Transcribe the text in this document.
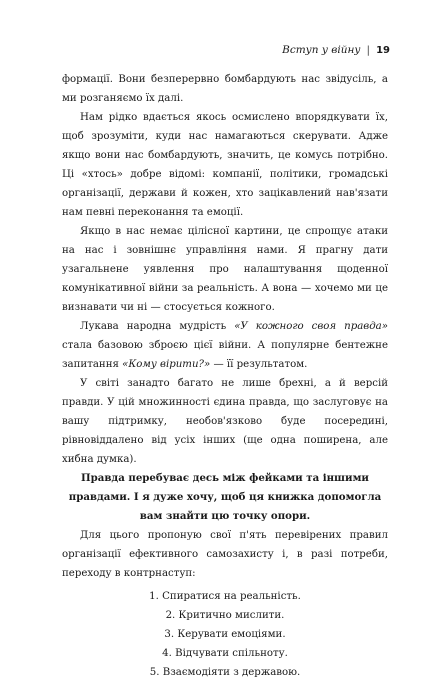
Вступ у війну | 19

формації. Вони безперервно бомбардують нас звідусіль, а ми розганяємо їх далі.

Нам рідко вдається якось осмислено впорядкувати їх, щоб зрозуміти, куди нас намагаються скерувати. Адже якщо вони нас бомбардують, значить, це комусь потрібно. Ці «хтось» добре відомі: компанії, політики, громадські організації, держави й кожен, хто зацікавлений нав'язати нам певні переконання та емоції.

Якщо в нас немає цілісної картини, це спрощує атаки на нас і зовнішнє управління нами. Я прагну дати узагальнене уявлення про налаштування щоденної комунікативної війни за реальність. А вона — хочемо ми це визнавати чи ні — стосується кожного.

Лукава народна мудрість «У кожного своя правда» стала базовою зброєю цієї війни. А популярне бентежне запитання «Кому вірити?» — її результатом.

У світі занадто багато не лише брехні, а й версій правди. У цій множинності єдина правда, що заслуговує на вашу підтримку, необов'язково буде посередині, рівновіддалено від усіх інших (ще одна поширена, але хибна думка).

Правда перебуває десь між фейками та іншими правдами. І я дуже хочу, щоб ця книжка допомогла вам знайти цю точку опори.

Для цього пропоную свої п'ять перевірених правил організації ефективного самозахисту і, в разі потреби, переходу в контрнаступ:

1. Спиратися на реальність.
2. Критично мислити.
3. Керувати емоціями.
4. Відчувати спільноту.
5. Взаємодіяти з державою.
